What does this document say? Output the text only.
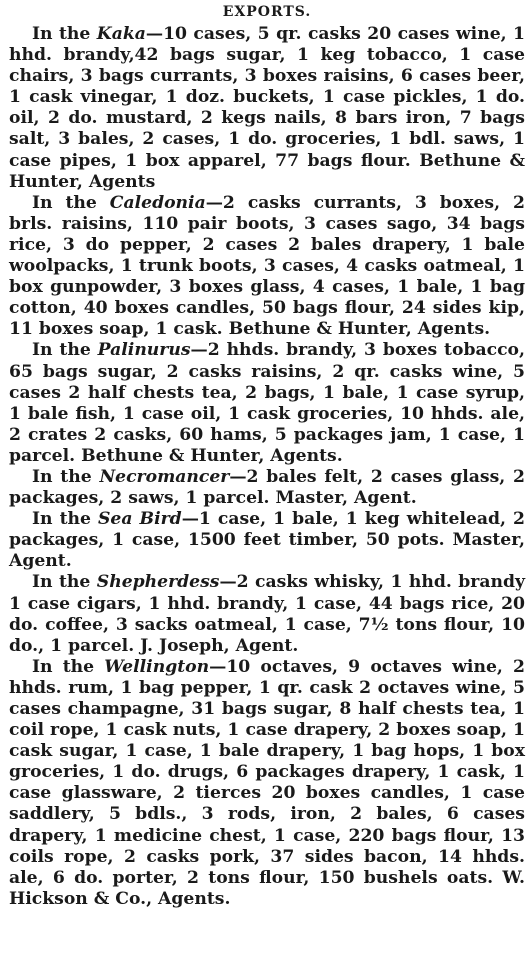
EXPORTS.

In the Kaka—10 cases, 5 qr. casks 20 cases wine, 1 hhd. brandy,42 bags sugar, 1 keg tobacco, 1 case chairs, 3 bags currants, 3 boxes raisins, 6 cases beer, 1 cask vinegar, 1 doz. buckets, 1 case pickles, 1 do. oil, 2 do. mustard, 2 kegs nails, 8 bars iron, 7 bags salt, 3 bales, 2 cases, 1 do. groceries, 1 bdl. saws, 1 case pipes, 1 box apparel, 77 bags flour. Bethune & Hunter, Agents

In the Caledonia—2 casks currants, 3 boxes, 2 brls. raisins, 110 pair boots, 3 cases sago, 34 bags rice, 3 do pepper, 2 cases 2 bales drapery, 1 bale woolpacks, 1 trunk boots, 3 cases, 4 casks oatmeal, 1 box gunpowder, 3 boxes glass, 4 cases, 1 bale, 1 bag cotton, 40 boxes candles, 50 bags flour, 24 sides kip, 11 boxes soap, 1 cask. Bethune & Hunter, Agents.

In the Palinurus—2 hhds. brandy, 3 boxes tobacco, 65 bags sugar, 2 casks raisins, 2 qr. casks wine, 5 cases 2 half chests tea, 2 bags, 1 bale, 1 case syrup, 1 bale fish, 1 case oil, 1 cask groceries, 10 hhds. ale, 2 crates 2 casks, 60 hams, 5 packages jam, 1 case, 1 parcel. Bethune & Hunter, Agents.

In the Necromancer—2 bales felt, 2 cases glass, 2 packages, 2 saws, 1 parcel. Master, Agent.

In the Sea Bird—1 case, 1 bale, 1 keg whitelead, 2 packages, 1 case, 1500 feet timber, 50 pots. Master, Agent.

In the Shepherdess—2 casks whisky, 1 hhd. brandy 1 case cigars, 1 hhd. brandy, 1 case, 44 bags rice, 20 do. coffee, 3 sacks oatmeal, 1 case, 7½ tons flour, 10 do., 1 parcel. J. Joseph, Agent.

In the Wellington—10 octaves, 9 octaves wine, 2 hhds. rum, 1 bag pepper, 1 qr. cask 2 octaves wine, 5 cases champagne, 31 bags sugar, 8 half chests tea, 1 coil rope, 1 cask nuts, 1 case drapery, 2 boxes soap, 1 cask sugar, 1 case, 1 bale drapery, 1 bag hops, 1 box groceries, 1 do. drugs, 6 packages drapery, 1 cask, 1 case glassware, 2 tierces 20 boxes candles, 1 case saddlery, 5 bdls., 3 rods, iron, 2 bales, 6 cases drapery, 1 medicine chest, 1 case, 220 bags flour, 13 coils rope, 2 casks pork, 37 sides bacon, 14 hhds. ale, 6 do. porter, 2 tons flour, 150 bushels oats. W. Hickson & Co., Agents.
